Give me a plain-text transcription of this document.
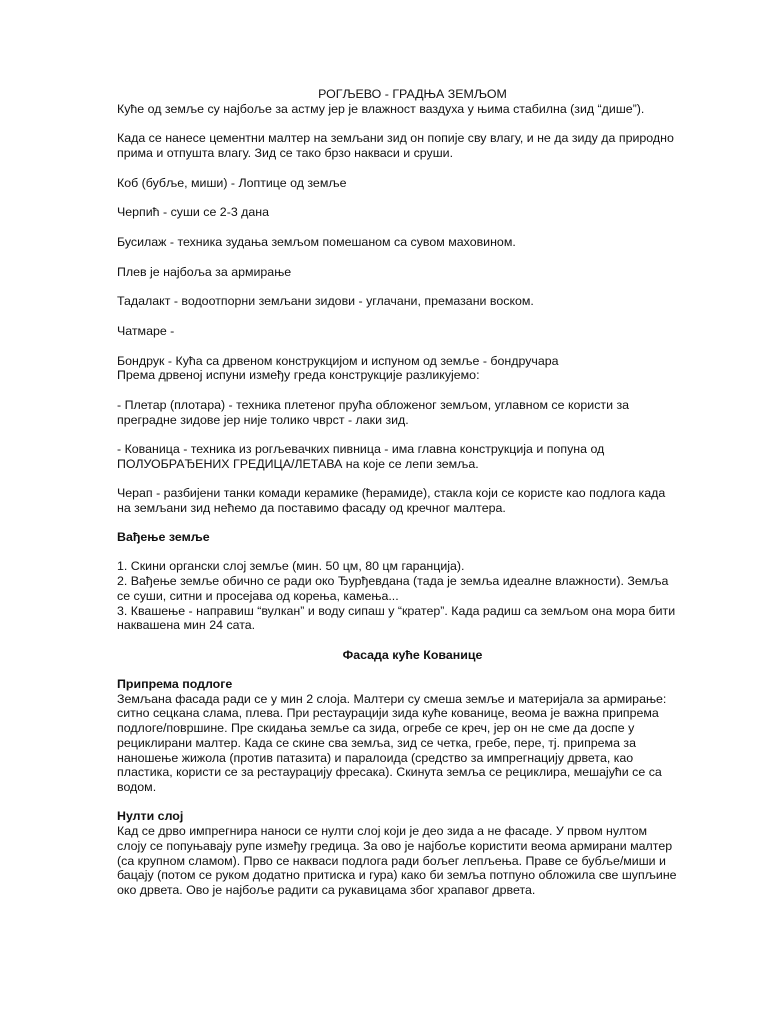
РОГЉЕВО - ГРАДЊА ЗЕМЉОМ

Куће од земље су најбоље за астму јер је влажност ваздуха у њима стабилна (зид “дише”).

Када се нанесе цементни малтер на земљани зид он попије сву влагу, и не да зиду да природно прима и отпушта влагу. Зид се тако брзо накваси и сруши.

Коб (бубље, миши) - Лоптице од земље

Черпић - суши се 2-3 дана

Бусилаж - техника зудања земљом помешаном са сувом маховином.

Плев је најбоља за армирање

Тадалакт - водоотпорни земљани зидови - углачани, премазани воском.

Чатмаре -

Бондрук - Кућа са дрвеном конструкцијом и испуном од земље - бондручара

Према дрвеној испуни између греда конструкције разликујемо:

- Плетар (плотара) - техника плетеног прућа обложеног земљом, углавном се користи за преградне зидове јер није толико чврст - лаки зид.

- Кованица - техника из рогљевачких пивница - има главна конструкција и попуна од ПОЛУОБРАЂЕНИХ ГРЕДИЦА/ЛЕТАВА на које се лепи земља.

Черап - разбијени танки комади керамике (ћерамиде), стакла који се користе као подлога када на земљани зид нећемо да поставимо фасаду од кречног малтера.

Вађење земље

1. Скини органски слој земље (мин. 50 цм, 80 цм гаранција).

2. Вађење земље обично се ради око Ђурђевдана (тада је земља идеалне влажности). Земља се суши, ситни и просејава од корења, камења...

3. Квашење - направиш “вулкан” и воду сипаш у “кратер”. Када радиш са земљом она мора бити наквашена мин 24 сата.

Фасада куће Кованице

Припрема подлоге

Земљана фасада ради се у мин 2 слоја. Малтери су смеша земље и материјала за армирање: ситно сецкана слама, плева. При рестаурацији зида куће кованице, веома је важна припрема подлоге/површине. Пре скидања земље са зида, огребе се креч, јер он не сме да доспе у рециклирани малтер. Када се скине сва земља, зид се четка, гребе, пере, тј. припрема за наношење жижола (против патазита) и паралоида (средство за импрегнацију дрвета, као пластика, користи се за рестаурацију фресака). Скинута земља се рециклира, мешајући се са водом.

Нулти слој

Кад се дрво импрегнира наноси се нулти слој који је део зида а не фасаде. У првом нултом слоју се попуњавају рупе између гредица. За ово је најбоље користити веома армирани малтер (са крупном сламом). Прво се накваси подлога ради бољег лепљења. Праве се бубље/миши и бацају (потом се руком додатно притиска и гура) како би земља потпуно обложила све шупљине око дрвета. Ово је најбоље радити са рукавицама због храпавог дрвета.
